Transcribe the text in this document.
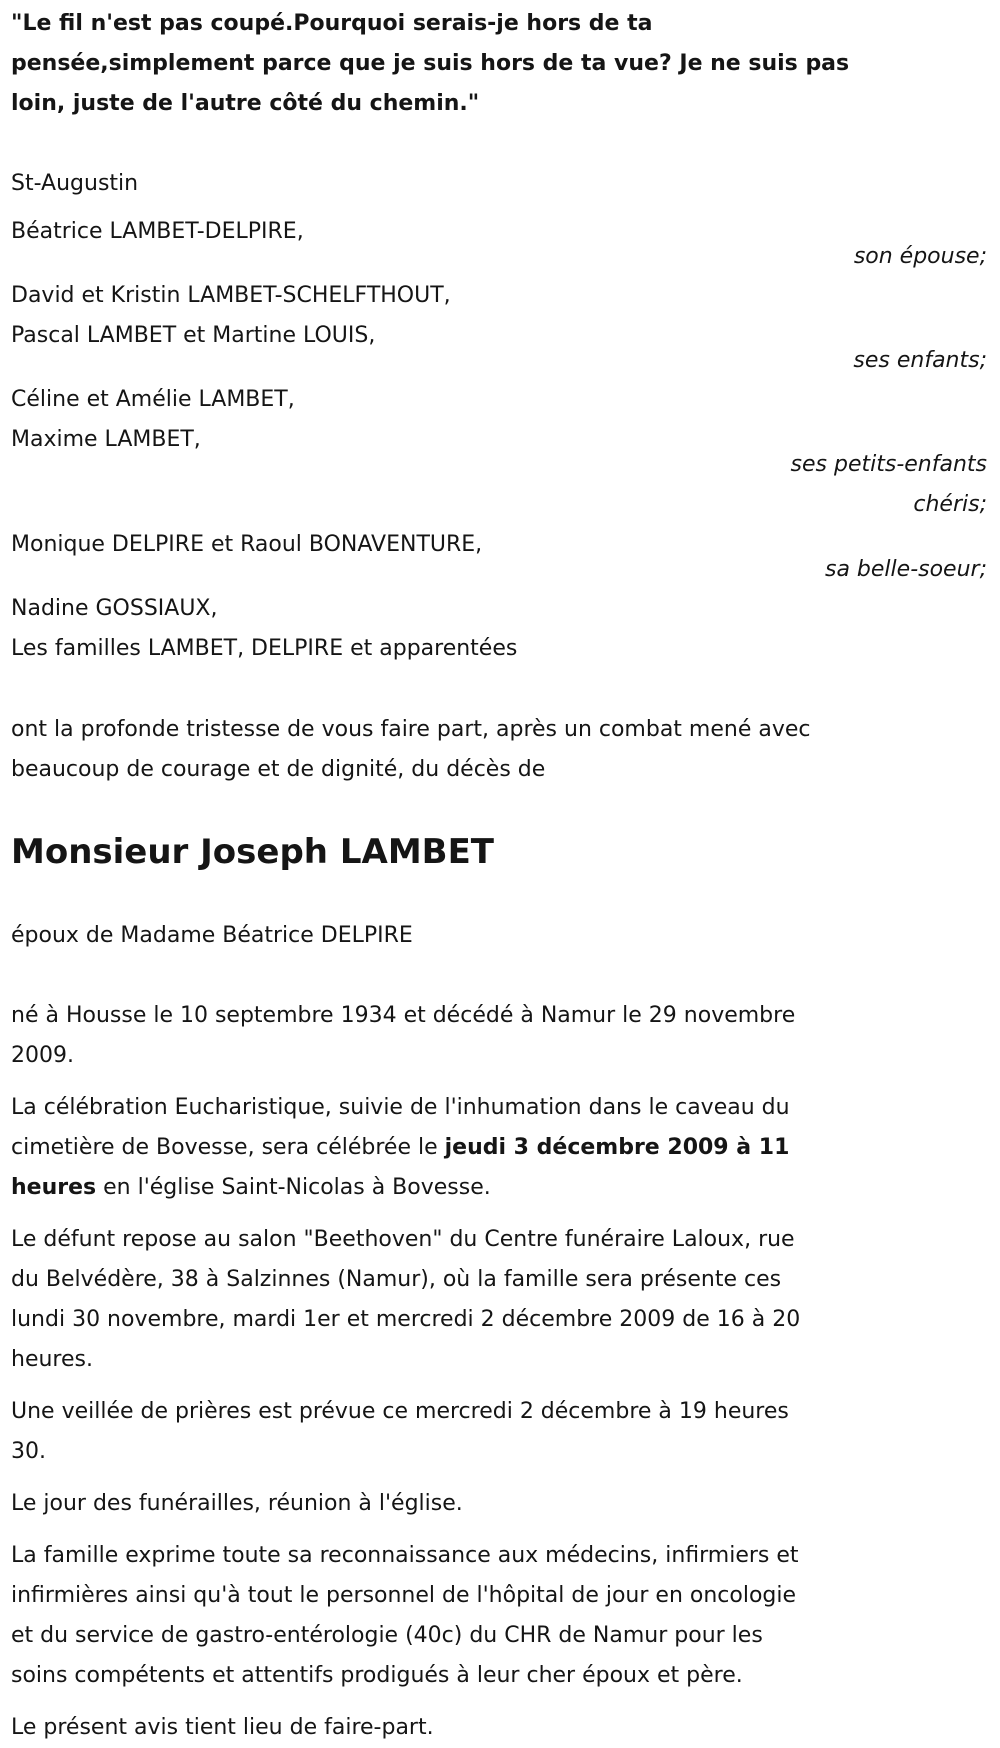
"Le fil n'est pas coupé.Pourquoi serais-je hors de ta
pensée,simplement parce que je suis hors de ta vue? Je ne suis pas
loin, juste de l'autre côté du chemin."
St-Augustin
Béatrice LAMBET-DELPIRE,
son épouse;
David et Kristin LAMBET-SCHELFTHOUT,
Pascal LAMBET et Martine LOUIS,
ses enfants;
Céline et Amélie LAMBET,
Maxime LAMBET,
ses petits-enfants
chéris;
Monique DELPIRE et Raoul BONAVENTURE,
sa belle-soeur;
Nadine GOSSIAUX,
Les familles LAMBET, DELPIRE et apparentées
ont la profonde tristesse de vous faire part, après un combat mené avec
beaucoup de courage et de dignité, du décès de
Monsieur Joseph LAMBET
époux de Madame Béatrice DELPIRE
né à Housse le 10 septembre 1934 et décédé à Namur le 29 novembre
2009.
La célébration Eucharistique, suivie de l'inhumation dans le caveau du
cimetière de Bovesse, sera célébrée le jeudi 3 décembre 2009 à 11
heures en l'église Saint-Nicolas à Bovesse.
Le défunt repose au salon "Beethoven" du Centre funéraire Laloux, rue
du Belvédère, 38 à Salzinnes (Namur), où la famille sera présente ces
lundi 30 novembre, mardi 1er et mercredi 2 décembre 2009 de 16 à 20
heures.
Une veillée de prières est prévue ce mercredi 2 décembre à 19 heures
30.
Le jour des funérailles, réunion à l'église.
La famille exprime toute sa reconnaissance aux médecins, infirmiers et
infirmières ainsi qu'à tout le personnel de l'hôpital de jour en oncologie
et du service de gastro-entérologie (40c) du CHR de Namur pour les
soins compétents et attentifs prodigués à leur cher époux et père.
Le présent avis tient lieu de faire-part.
